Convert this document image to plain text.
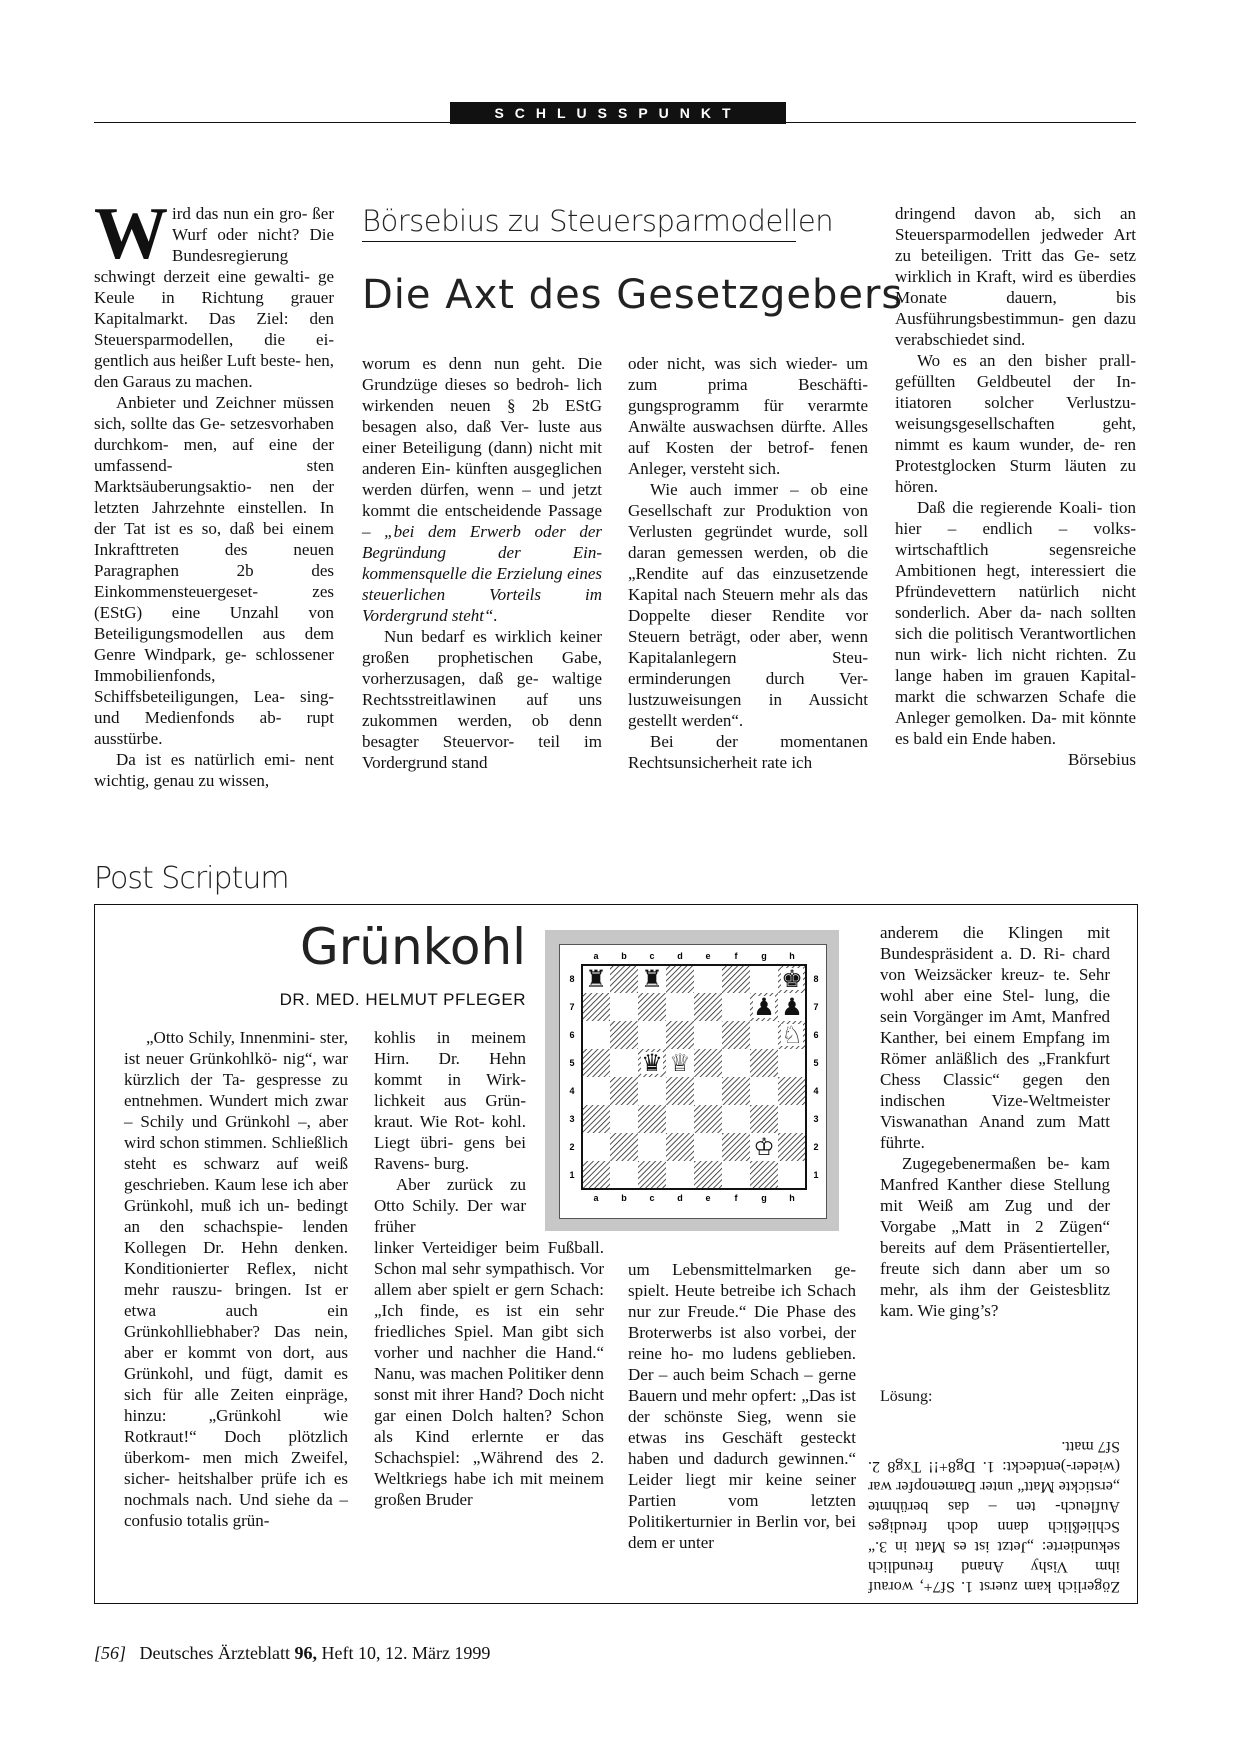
SCHLUSSPUNKT

Wird das nun ein gro- ßer Wurf oder nicht? Die Bundesregierung schwingt derzeit eine gewalti- ge Keule in Richtung grauer Kapitalmarkt. Das Ziel: den Steuersparmodellen, die ei- gentlich aus heißer Luft beste- hen, den Garaus zu machen.

Anbieter und Zeichner müssen sich, sollte das Ge- setzesvorhaben durchkom- men, auf eine der umfassend- sten Marktsäuberungsaktio- nen der letzten Jahrzehnte einstellen. In der Tat ist es so, daß bei einem Inkrafttreten des neuen Paragraphen 2b des Einkommensteuergeset- zes (EStG) eine Unzahl von Beteiligungsmodellen aus dem Genre Windpark, ge- schlossener Immobilienfonds, Schiffsbeteiligungen, Lea- sing- und Medienfonds ab- rupt ausstürbe.

Da ist es natürlich emi- nent wichtig, genau zu wissen,

Börsebius zu Steuersparmodellen
Die Axt des Gesetzgebers

worum es denn nun geht. Die Grundzüge dieses so bedroh- lich wirkenden neuen § 2b EStG besagen also, daß Ver- luste aus einer Beteiligung (dann) nicht mit anderen Ein- künften ausgeglichen werden dürfen, wenn – und jetzt kommt die entscheidende Passage – „bei dem Erwerb oder der Begründung der Ein- kommensquelle die Erzielung eines steuerlichen Vorteils im Vordergrund steht“.

Nun bedarf es wirklich keiner großen prophetischen Gabe, vorherzusagen, daß ge- waltige Rechtsstreitlawinen auf uns zukommen werden, ob denn besagter Steuervor- teil im Vordergrund stand

oder nicht, was sich wieder- um zum prima Beschäfti- gungsprogramm für verarmte Anwälte auswachsen dürfte. Alles auf Kosten der betrof- fenen Anleger, versteht sich.

Wie auch immer – ob eine Gesellschaft zur Produktion von Verlusten gegründet wurde, soll daran gemessen werden, ob die „Rendite auf das einzusetzende Kapital nach Steuern mehr als das Doppelte dieser Rendite vor Steuern beträgt, oder aber, wenn Kapitalanlegern Steu- erminderungen durch Ver- lustzuweisungen in Aussicht gestellt werden“.

Bei der momentanen Rechtsunsicherheit rate ich

dringend davon ab, sich an Steuersparmodellen jedweder Art zu beteiligen. Tritt das Ge- setz wirklich in Kraft, wird es überdies Monate dauern, bis Ausführungsbestimmun- gen dazu verabschiedet sind.

Wo es an den bisher prall- gefüllten Geldbeutel der In- itiatoren solcher Verlustzu- weisungsgesellschaften geht, nimmt es kaum wunder, de- ren Protestglocken Sturm läuten zu hören.

Daß die regierende Koali- tion hier – endlich – volks- wirtschaftlich segensreiche Ambitionen hegt, interessiert die Pfründevettern natürlich nicht sonderlich. Aber da- nach sollten sich die politisch Verantwortlichen nun wirk- lich nicht richten. Zu lange haben im grauen Kapital- markt die schwarzen Schafe die Anleger gemolken. Da- mit könnte es bald ein Ende haben.
Börsebius

Post Scriptum
Grünkohl
DR. MED. HELMUT PFLEGER
a
a
b
b
c
c
d
d
e
e
f
f
g
g
h
h
8	8
7	7
6	6
5	5
4	4
3	3
2	2
1	1
♜ ♜	♚
♟ ♟
♘
♛ ♕
♔

„Otto Schily, Innenmini- ster, ist neuer Grünkohlkö- nig“, war kürzlich der Ta- gespresse zu entnehmen. Wundert mich zwar – Schily und Grünkohl –, aber wird schon stimmen. Schließlich steht es schwarz auf weiß geschrieben. Kaum lese ich aber Grünkohl, muß ich un- bedingt an den schachspie- lenden Kollegen Dr. Hehn denken. Konditionierter Reflex, nicht mehr rauszu- bringen. Ist er etwa auch ein Grünkohlliebhaber? Das nein, aber er kommt von dort, aus Grünkohl, und fügt, damit es sich für alle Zeiten einpräge, hinzu: „Grünkohl wie Rotkraut!“ Doch plötzlich überkom- men mich Zweifel, sicher- heitshalber prüfe ich es nochmals nach. Und siehe da – confusio totalis grün-

kohlis in meinem Hirn. Dr. Hehn kommt in Wirk- lichkeit aus Grün- kraut. Wie Rot- kohl. Liegt übri- gens bei Ravens- burg.

Aber zurück zu Otto Schily. Der war früher

linker Verteidiger beim Fußball. Schon mal sehr sympathisch. Vor allem aber spielt er gern Schach: „Ich finde, es ist ein sehr friedliches Spiel. Man gibt sich vorher und nachher die Hand.“ Nanu, was machen Politiker denn sonst mit ihrer Hand? Doch nicht gar einen Dolch halten? Schon als Kind erlernte er das Schachspiel: „Während des 2. Weltkriegs habe ich mit meinem großen Bruder

um Lebensmittelmarken ge- spielt. Heute betreibe ich Schach nur zur Freude.“ Die Phase des Broterwerbs ist also vorbei, der reine ho- mo ludens geblieben. Der – auch beim Schach – gerne Bauern und mehr opfert: „Das ist der schönste Sieg, wenn sie etwas ins Geschäft gesteckt haben und dadurch gewinnen.“ Leider liegt mir keine seiner Partien vom letzten Politikerturnier in Berlin vor, bei dem er unter

anderem die Klingen mit Bundespräsident a. D. Ri- chard von Weizsäcker kreuz- te. Sehr wohl aber eine Stel- lung, die sein Vorgänger im Amt, Manfred Kanther, bei einem Empfang im Römer anläßlich des „Frankfurt Chess Classic“ gegen den indischen Vize-Weltmeister Viswanathan Anand zum Matt führte.

Zugegebenermaßen be- kam Manfred Kanther diese Stellung mit Weiß am Zug und der Vorgabe „Matt in 2 Zügen“ bereits auf dem Präsentierteller, freute sich dann aber um so mehr, als ihm der Geistesblitz kam. Wie ging’s?

Lösung:
Zögerlich kam zuerst 1. Sf7+, worauf ihm Vishy Anand freundlich sekundierte: „Jetzt ist es Matt in 3.“ Schließlich dann doch freudiges Aufleuch- ten – das berühmte „erstickte Matt“ unter Damenopfer war (wieder-)entdeckt: 1. Dg8+!! Txg8 2. Sf7 matt.
[56] Deutsches Ärzteblatt 96, Heft 10, 12. März 1999
